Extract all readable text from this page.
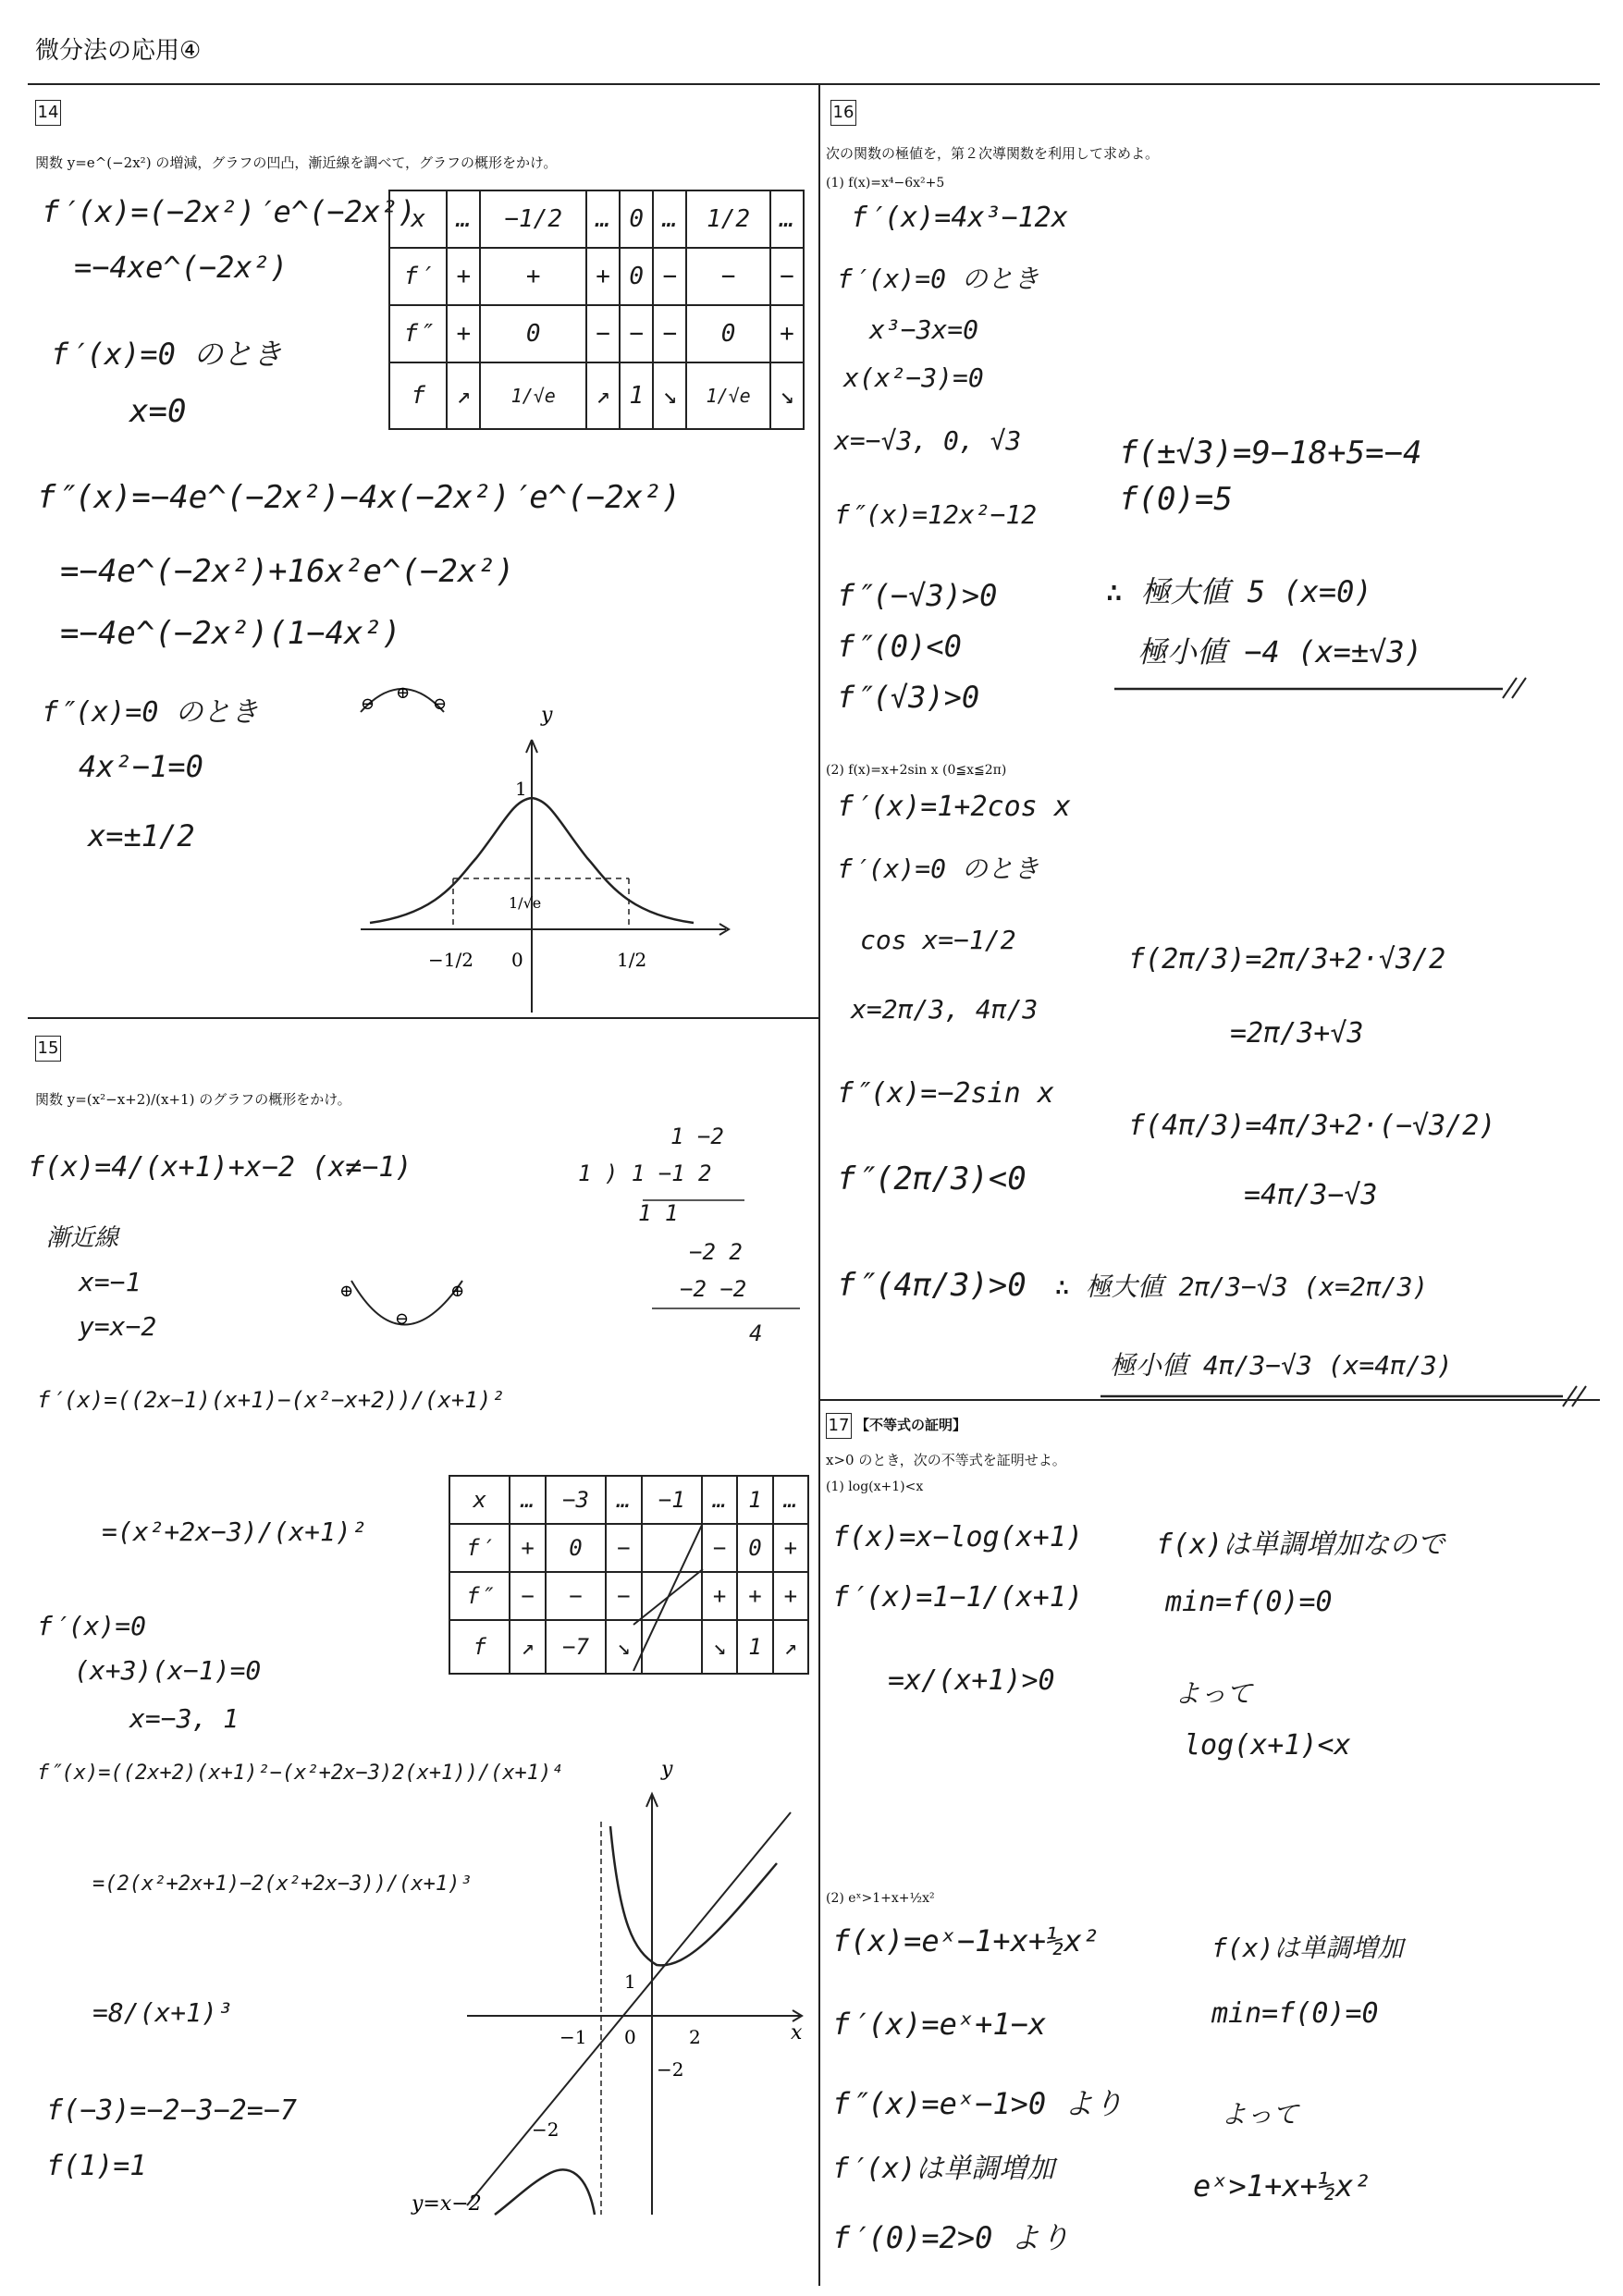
微分法の応用④
14
関数 y=e^(−2x²) の増減，グラフの凹凸，漸近線を調べて，グラフの概形をかけ。
f′(x)=(−2x²)′e^(−2x²)
=−4xe^(−2x²)
f′(x)=0 のとき
x=0
f″(x)=−4e^(−2x²)−4x(−2x²)′e^(−2x²)
=−4e^(−2x²)+16x²e^(−2x²)
=−4e^(−2x²)(1−4x²)
f″(x)=0 のとき
4x²−1=0
x=±1/2
x	…	−1/2	…	0	…	1/2	…
f′	+	+	+	0	−	−	−
f″	+	0	−	−	−	0	+
f	↗	1/√e	↗	1	↘	1/√e	↘
⊖
⊕
⊖	y
1
1/√e
−1/2 0	1/2
15
関数 y=(x²−x+2)/(x+1) のグラフの概形をかけ。
f(x)=4/(x+1)+x−2 (x≠−1)
漸近線
x=−1
y=x−2
f′(x)=((2x−1)(x+1)−(x²−x+2))/(x+1)²
=(x²+2x−3)/(x+1)²
f′(x)=0
(x+3)(x−1)=0
x=−3, 1
f″(x)=((2x+2)(x+1)²−(x²+2x−3)2(x+1))/(x+1)⁴
=(2(x²+2x+1)−2(x²+2x−3))/(x+1)³
=8/(x+1)³
f(−3)=−2−3−2=−7
f(1)=1
1 −2
1 ) 1 −1 2
1 1
−2 2
−2 −2
4
⊕
⊖
⊕
x	…	−3	…	−1	…	1	…
f′	+	0	−		−	0	+
f″	−	−	−		+	+	+
f	↗	−7	↘		↘	1	↗
y
x
1
−1 0	2
−2
−2
y=x−2
16
次の関数の極値を，第２次導関数を利用して求めよ。
(1) f(x)=x⁴−6x²+5
f′(x)=4x³−12x
f′(x)=0 のとき
x³−3x=0
x(x²−3)=0
x=−√3, 0, √3
f″(x)=12x²−12
f″(−√3)>0
f″(0)<0
f″(√3)>0
f(±√3)=9−18+5=−4
f(0)=5
∴ 極大値 5 (x=0)
極小値 −4 (x=±√3)
(2) f(x)=x+2sin x (0≦x≦2π)
f′(x)=1+2cos x
f′(x)=0 のとき
cos x=−1/2
x=2π/3, 4π/3
f″(x)=−2sin x
f″(2π/3)<0
f″(4π/3)>0
f(2π/3)=2π/3+2·√3/2
=2π/3+√3
f(4π/3)=4π/3+2·(−√3/2)
=4π/3−√3
∴ 極大値 2π/3−√3 (x=2π/3)
極小値 4π/3−√3 (x=4π/3)
17 【不等式の証明】
x>0 のとき，次の不等式を証明せよ。
(1) log(x+1)<x
f(x)=x−log(x+1)
f′(x)=1−1/(x+1)
=x/(x+1)>0
f(x)は単調増加なので
min=f(0)=0
よって
log(x+1)<x
(2) eˣ>1+x+½x²
f(x)=eˣ−1+x+½x²
f′(x)=eˣ+1−x
f″(x)=eˣ−1>0 より
f′(x)は単調増加
f′(0)=2>0 より
f(x)は単調増加
min=f(0)=0
よって
eˣ>1+x+½x²
